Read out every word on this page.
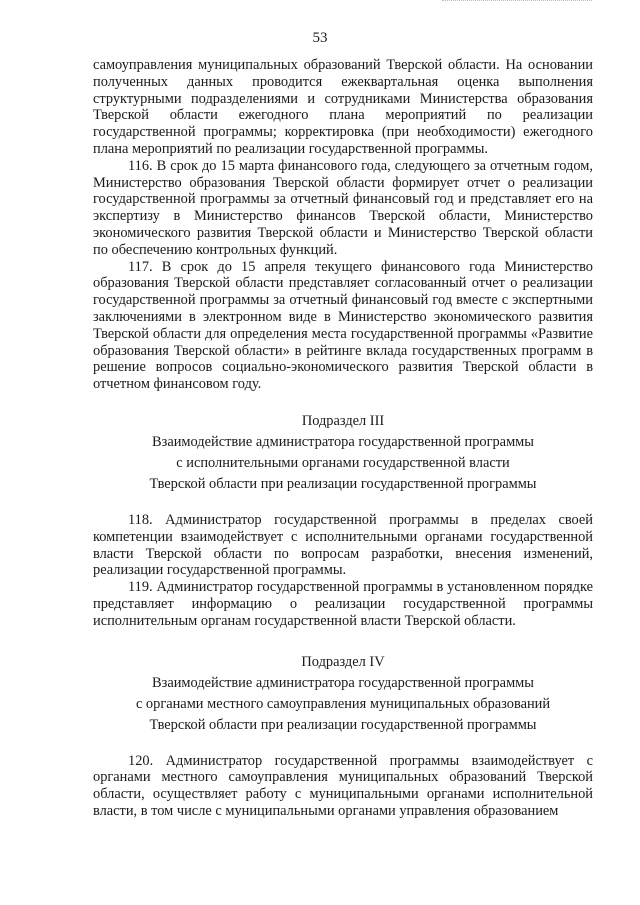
53

самоуправления муниципальных образований Тверской области. На основании полученных данных проводится ежеквартальная оценка выполнения структурными подразделениями и сотрудниками Министерства образования Тверской области ежегодного плана мероприятий по реализации государственной программы; корректировка (при необходимости) ежегодного плана мероприятий по реализации государственной программы.

116. В срок до 15 марта финансового года, следующего за отчетным годом, Министерство образования Тверской области формирует отчет о реализации государственной программы за отчетный финансовый год и представляет его на экспертизу в Министерство финансов Тверской области, Министерство экономического развития Тверской области и Министерство Тверской области по обеспечению контрольных функций.

117. В срок до 15 апреля текущего финансового года Министерство образования Тверской области представляет согласованный отчет о реализации государственной программы за отчетный финансовый год вместе с экспертными заключениями в электронном виде в Министерство экономического развития Тверской области для определения места государственной программы «Развитие образования Тверской области» в рейтинге вклада государственных программ в решение вопросов социально-экономического развития Тверской области в отчетном финансовом году.

Подраздел III
Взаимодействие администратора государственной программы
с исполнительными органами государственной власти
Тверской области при реализации государственной программы

118. Администратор государственной программы в пределах своей компетенции взаимодействует с исполнительными органами государственной власти Тверской области по вопросам разработки, внесения изменений, реализации государственной программы.

119. Администратор государственной программы в установленном порядке представляет информацию о реализации государственной программы исполнительным органам государственной власти Тверской области.

Подраздел IV
Взаимодействие администратора государственной программы
с органами местного самоуправления муниципальных образований
Тверской области при реализации государственной программы

120. Администратор государственной программы взаимодействует с органами местного самоуправления муниципальных образований Тверской области, осуществляет работу с муниципальными органами исполнительной власти, в том числе с муниципальными органами управления образованием
